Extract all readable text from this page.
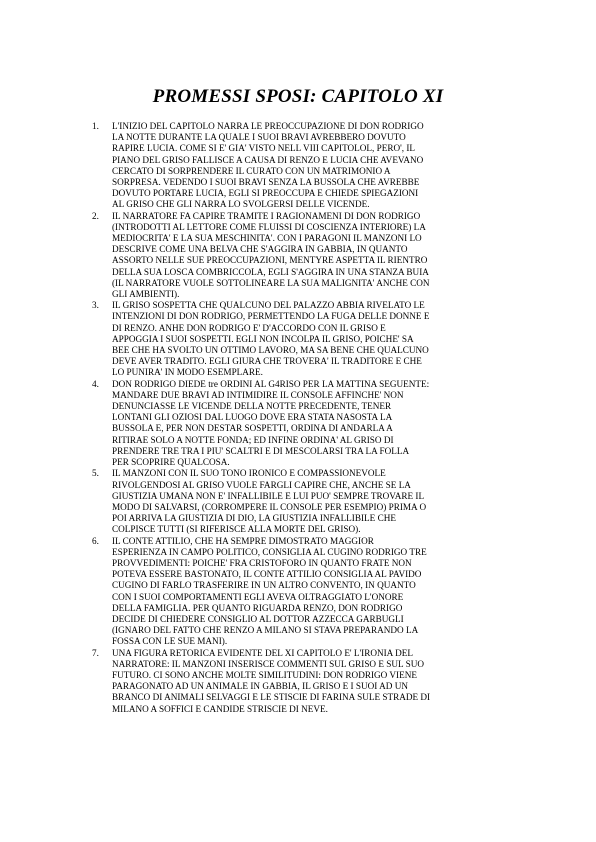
PROMESSI SPOSI: CAPITOLO XI
1. L'INIZIO DEL CAPITOLO NARRA LE PREOCCUPAZIONE DI DON RODRIGO
LA NOTTE DURANTE LA QUALE I SUOI BRAVI AVREBBERO DOVUTO
RAPIRE LUCIA. COME SI E' GIA' VISTO NELL VIII CAPITOLOL, PERO', IL
PIANO DEL GRISO FALLISCE A CAUSA DI RENZO E LUCIA CHE AVEVANO
CERCATO DI SORPRENDERE IL CURATO CON UN MATRIMONIO A
SORPRESA. VEDENDO I SUOI BRAVI SENZA LA BUSSOLA CHE AVREBBE
DOVUTO PORTARE LUCIA, EGLI SI PREOCCUPA E CHIEDE SPIEGAZIONI
AL GRISO CHE GLI NARRA LO SVOLGERSI DELLE VICENDE.
2. IL NARRATORE FA CAPIRE TRAMITE I RAGIONAMENI DI DON RODRIGO
(INTRODOTTI AL LETTORE COME FLUISSI DI COSCIENZA INTERIORE) LA
MEDIOCRITA' E LA SUA MESCHINITA'. CON I PARAGONI IL MANZONI LO
DESCRIVE COME UNA BELVA CHE S'AGGIRA IN GABBIA, IN QUANTO
ASSORTO NELLE SUE PREOCCUPAZIONI, MENTYRE ASPETTA IL RIENTRO
DELLA SUA LOSCA COMBRICCOLA, EGLI S'AGGIRA IN UNA STANZA BUIA
(IL NARRATORE VUOLE SOTTOLINEARE LA SUA MALIGNITA' ANCHE CON
GLI AMBIENTI).
3. IL GRISO SOSPETTA CHE QUALCUNO DEL PALAZZO ABBIA RIVELATO LE
INTENZIONI DI DON RODRIGO, PERMETTENDO LA FUGA DELLE DONNE E
DI RENZO. ANHE DON RODRIGO E' D'ACCORDO CON IL GRISO E
APPOGGIA I SUOI SOSPETTI. EGLI NON INCOLPA IL GRISO, POICHE' SA
BEE CHE HA SVOLTO UN OTTIMO LAVORO, MA SA BENE CHE QUALCUNO
DEVE AVER TRADITO. EGLI GIURA CHE TROVERA' IL TRADITORE E CHE
LO PUNIRA' IN MODO ESEMPLARE.
4. DON RODRIGO DIEDE tre ORDINI AL G4RISO PER LA MATTINA SEGUENTE:
MANDARE DUE BRAVI AD INTIMIDIRE IL CONSOLE AFFINCHE' NON
DENUNCIASSE LE VICENDE DELLA NOTTE PRECEDENTE, TENER
LONTANI GLI OZIOSI DAL LUOGO DOVE ERA STATA NASOSTA LA
BUSSOLA E, PER NON DESTAR SOSPETTI, ORDINA DI ANDARLA A
RITIRAE SOLO A NOTTE FONDA; ED INFINE ORDINA' AL GRISO DI
PRENDERE TRE TRA I PIU' SCALTRI E DI MESCOLARSI TRA LA FOLLA
PER SCOPRIRE QUALCOSA.
5. IL MANZONI CON IL SUO TONO IRONICO E COMPASSIONEVOLE
RIVOLGENDOSI AL GRISO VUOLE FARGLI CAPIRE CHE, ANCHE SE LA
GIUSTIZIA UMANA NON E' INFALLIBILE E LUI PUO' SEMPRE TROVARE IL
MODO DI SALVARSI, (CORROMPERE IL CONSOLE PER ESEMPIO) PRIMA O
POI ARRIVA LA GIUSTIZIA DI DIO, LA GIUSTIZIA INFALLIBILE CHE
COLPISCE TUTTI (SI RIFERISCE ALLA MORTE DEL GRISO).
6. IL CONTE ATTILIO, CHE HA SEMPRE DIMOSTRATO MAGGIOR
ESPERIENZA IN CAMPO POLITICO, CONSIGLIA AL CUGINO RODRIGO TRE
PROVVEDIMENTI: POICHE' FRA CRISTOFORO IN QUANTO FRATE NON
POTEVA ESSERE BASTONATO, IL CONTE ATTILIO CONSIGLIA AL PAVIDO
CUGINO DI FARLO TRASFERIRE IN UN ALTRO CONVENTO, IN QUANTO
CON I SUOI COMPORTAMENTI EGLI AVEVA OLTRAGGIATO L'ONORE
DELLA FAMIGLIA. PER QUANTO RIGUARDA RENZO, DON RODRIGO
DECIDE DI CHIEDERE CONSIGLIO AL DOTTOR AZZECCA GARBUGLI
(IGNARO DEL FATTO CHE RENZO A MILANO SI STAVA PREPARANDO LA
FOSSA CON LE SUE MANI).
7. UNA FIGURA RETORICA EVIDENTE DEL XI CAPITOLO E' L'IRONIA DEL
NARRATORE: IL MANZONI INSERISCE COMMENTI SUL GRISO E SUL SUO
FUTURO. CI SONO ANCHE MOLTE SIMILITUDINI: DON RODRIGO VIENE
PARAGONATO AD UN ANIMALE IN GABBIA, IL GRISO E I SUOI AD UN
BRANCO DI ANIMALI SELVAGGI E LE STISCIE DI FARINA SULE STRADE DI
MILANO A SOFFICI E CANDIDE STRISCIE DI NEVE.
